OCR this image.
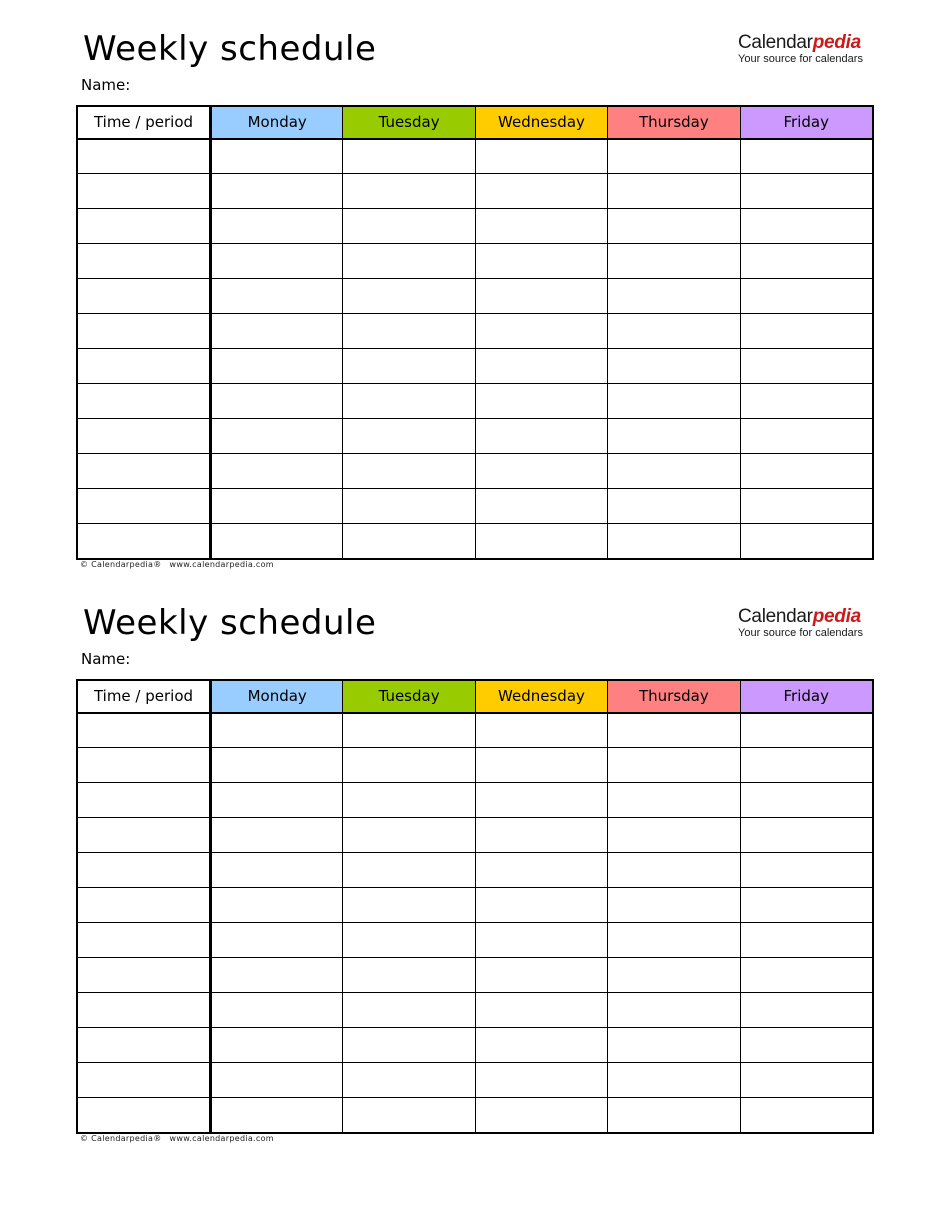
Weekly schedule
Name:
Calendarpedia
Your source for calendars
Time / period	Monday	Tuesday	Wednesday	Thursday	Friday

© Calendarpedia® www.calendarpedia.com
Weekly schedule
Name:
Calendarpedia
Your source for calendars
Time / period	Monday	Tuesday	Wednesday	Thursday	Friday

© Calendarpedia® www.calendarpedia.com
